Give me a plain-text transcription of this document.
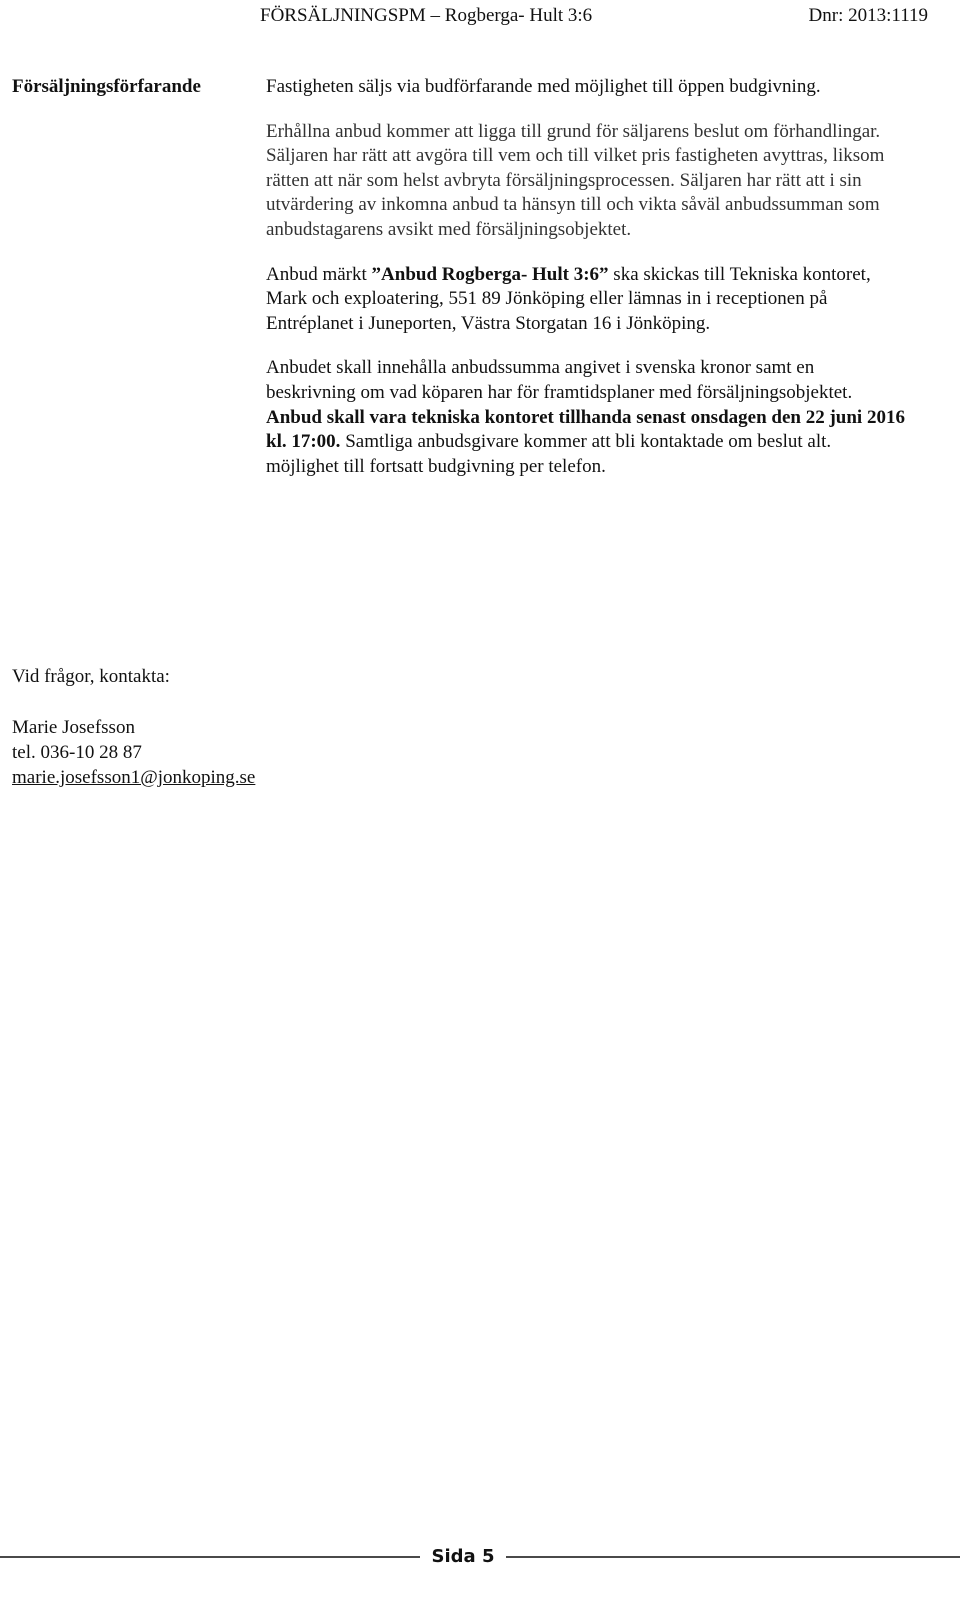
FÖRSÄLJNINGSPM – Rogberga- Hult 3:6	Dnr: 2013:1119
Försäljningsförfarande	Fastigheten säljs via budförfarande med möjlighet till öppen budgivning.

Erhållna anbud kommer att ligga till grund för säljarens beslut om förhandlingar. Säljaren har rätt att avgöra till vem och till vilket pris fastigheten avyttras, liksom rätten att när som helst avbryta försäljningsprocessen. Säljaren har rätt att i sin utvärdering av inkomna anbud ta hänsyn till och vikta såväl anbudssumman som anbudstagarens avsikt med försäljningsobjektet.

Anbud märkt ”Anbud Rogberga- Hult 3:6” ska skickas till Tekniska kontoret, Mark och exploatering, 551 89 Jönköping eller lämnas in i receptionen på Entréplanet i Juneporten, Västra Storgatan 16 i Jönköping.

Anbudet skall innehålla anbudssumma angivet i svenska kronor samt en beskrivning om vad köparen har för framtidsplaner med försäljningsobjektet. Anbud skall vara tekniska kontoret tillhanda senast onsdagen den 22 juni 2016 kl. 17:00. Samtliga anbudsgivare kommer att bli kontaktade om beslut alt. möjlighet till fortsatt budgivning per telefon.

Vid frågor, kontakta:
Marie Josefsson
tel. 036-10 28 87
marie.josefsson1@jonkoping.se
Sida 5
